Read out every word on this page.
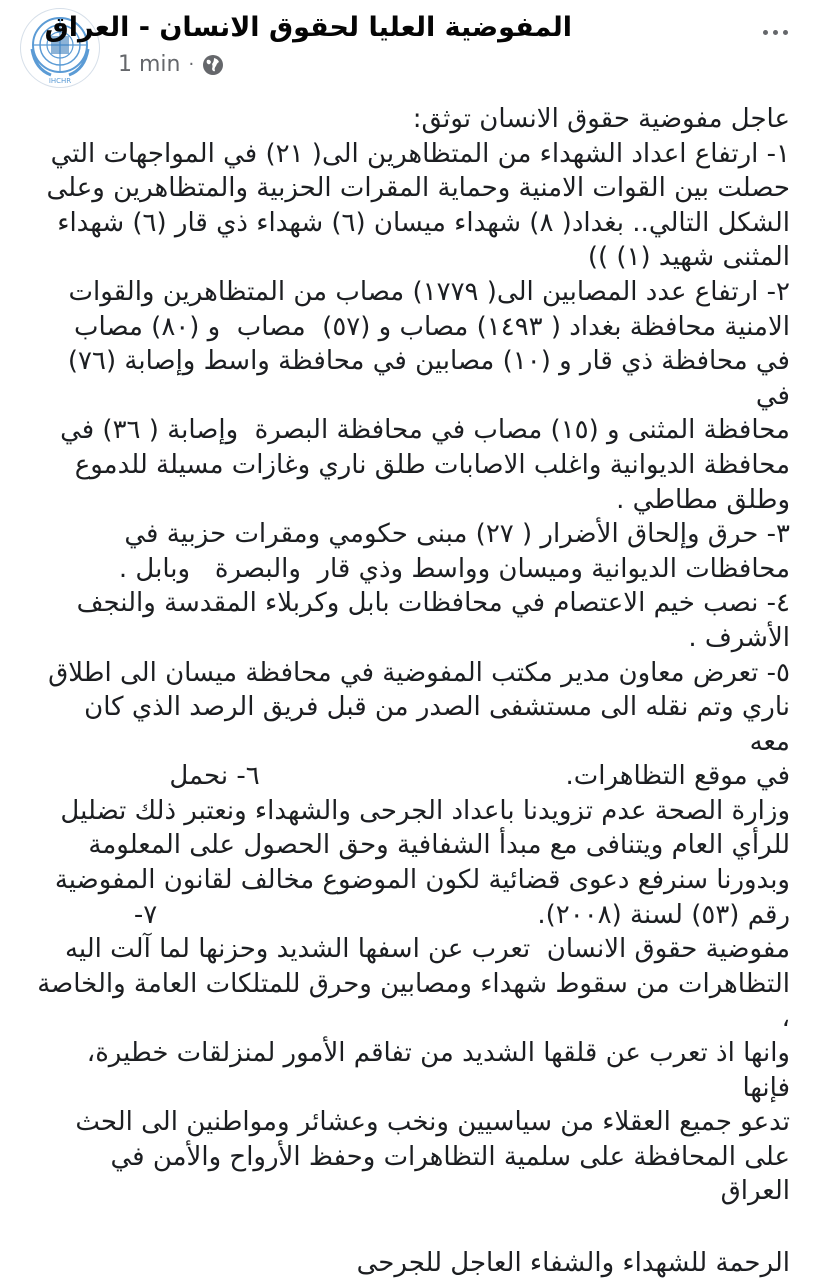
IHCHR
المفوضية العليا لحقوق الانسان - العراق
1 min ·

عاجل مفوضية حقوق الانسان توثق:

١- ارتفاع اعداد الشهداء من المتظاهرين الى( ٢١) في المواجهات التي

حصلت بين القوات الامنية وحماية المقرات الحزبية والمتظاهرين وعلى

الشكل التالي.. بغداد( ٨) شهداء ميسان (٦) شهداء ذي قار (٦) شهداء

المثنى شهيد (١) ))

٢- ارتفاع عدد المصابين الى( ١٧٧٩) مصاب من المتظاهرين والقوات

الامنية محافظة بغداد ( ١٤٩٣) مصاب و (٥٧)  مصاب  و (٨٠) مصاب

في محافظة ذي قار و (١٠) مصابين في محافظة واسط وإصابة (٧٦) في

محافظة المثنى و (١٥) مصاب في محافظة البصرة  وإصابة ( ٣٦) في

محافظة الديوانية واغلب الاصابات طلق ناري وغازات مسيلة للدموع

وطلق مطاطي .

٣- حرق وإلحاق الأضرار ( ٢٧) مبنى حكومي ومقرات حزبية في

محافظات الديوانية وميسان وواسط وذي قار  والبصرة   وبابل .

٤- نصب خيم الاعتصام في محافظات بابل وكربلاء المقدسة والنجف

الأشرف .

٥- تعرض معاون مدير مكتب المفوضية في محافظة ميسان الى اطلاق

ناري وتم نقله الى مستشفى الصدر من قبل فريق الرصد الذي كان معه

في موقع التظاهرات.                                     ٦- نحمل

وزارة الصحة عدم تزويدنا باعداد الجرحى والشهداء ونعتبر ذلك تضليل

للرأي العام ويتنافى مع مبدأ الشفافية وحق الحصول على المعلومة

وبدورنا سنرفع دعوى قضائية لكون الموضوع مخالف لقانون المفوضية

رقم (٥٣) لسنة (٢٠٠٨).                                              ٧-

مفوضية حقوق الانسان  تعرب عن اسفها الشديد وحزنها لما آلت اليه

التظاهرات من سقوط شهداء ومصابين وحرق للمتلكات العامة والخاصة ،

وانها اذ تعرب عن قلقها الشديد من تفاقم الأمور لمنزلقات خطيرة، فإنها

تدعو جميع العقلاء من سياسيين ونخب وعشائر ومواطنين الى الحث

على المحافظة على سلمية التظاهرات وحفظ الأرواح والأمن في العراق

الرحمة للشهداء والشفاء العاجل للجرحى
